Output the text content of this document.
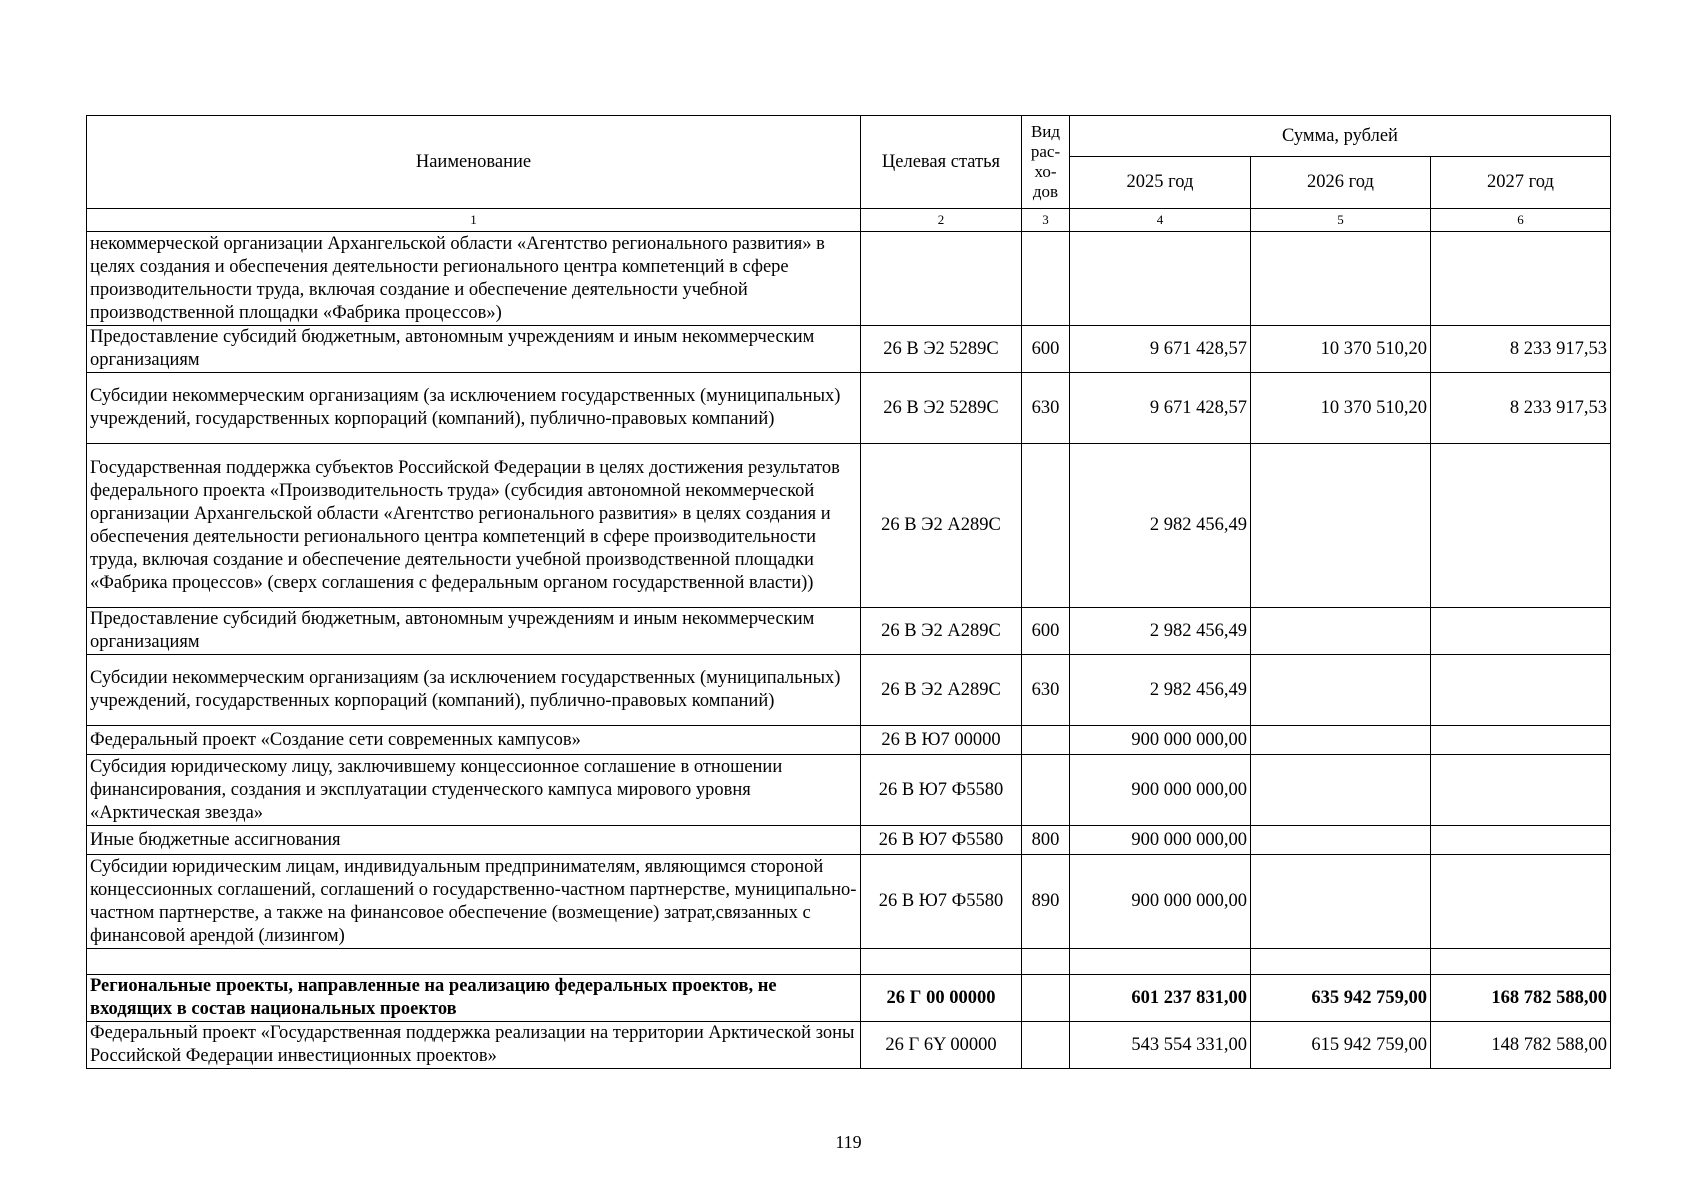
Наименование	Целевая статья	Вид рас-хо-дов	Сумма, рублей		
			2025 год	2026 год	2027 год
1	2	3	4	5	6
некоммерческой организации Архангельской области «Агентство регионального развития» в целях создания и обеспечения деятельности регионального центра компетенций в сфере производительности труда, включая создание и обеспечение деятельности учебной производственной площадки «Фабрика процессов»)					
Предоставление субсидий бюджетным, автономным учреждениям и иным некоммерческим организациям	26 В Э2 5289С	600	9 671 428,57	10 370 510,20	8 233 917,53
Субсидии некоммерческим организациям (за исключением государственных (муниципальных) учреждений, государственных корпораций (компаний), публично-правовых компаний)	26 В Э2 5289С	630	9 671 428,57	10 370 510,20	8 233 917,53
Государственная поддержка субъектов Российской Федерации в целях достижения результатов федерального проекта «Производительность труда» (субсидия автономной некоммерческой организации Архангельской области «Агентство регионального развития» в целях создания и обеспечения деятельности регионального центра компетенций в сфере производительности труда, включая создание и обеспечение деятельности учебной производственной площадки «Фабрика процессов» (сверх соглашения с федеральным органом государственной власти))	26 В Э2 А289С		2 982 456,49		
Предоставление субсидий бюджетным, автономным учреждениям и иным некоммерческим организациям	26 В Э2 А289С	600	2 982 456,49		
Субсидии некоммерческим организациям (за исключением государственных (муниципальных) учреждений, государственных корпораций (компаний), публично-правовых компаний)	26 В Э2 А289С	630	2 982 456,49		
Федеральный проект «Создание сети современных кампусов»	26 В Ю7 00000		900 000 000,00		
Субсидия юридическому лицу, заключившему концессионное соглашение в отношении финансирования, создания и эксплуатации студенческого кампуса мирового уровня «Арктическая звезда»	26 В Ю7 Ф5580		900 000 000,00		
Иные бюджетные ассигнования	26 В Ю7 Ф5580	800	900 000 000,00		
Субсидии юридическим лицам, индивидуальным предпринимателям, являющимся стороной концессионных соглашений, соглашений о государственно-частном партнерстве, муниципально-частном партнерстве, а также на финансовое обеспечение (возмещение) затрат,связанных с финансовой арендой (лизингом)	26 В Ю7 Ф5580	890	900 000 000,00		

Региональные проекты, направленные на реализацию федеральных проектов, не входящих в состав национальных проектов	26 Г 00 00000		601 237 831,00	635 942 759,00	168 782 588,00
Федеральный проект «Государственная поддержка реализации на территории Арктической зоны Российской Федерации инвестиционных проектов»	26 Г 6Y 00000		543 554 331,00	615 942 759,00	148 782 588,00
119
